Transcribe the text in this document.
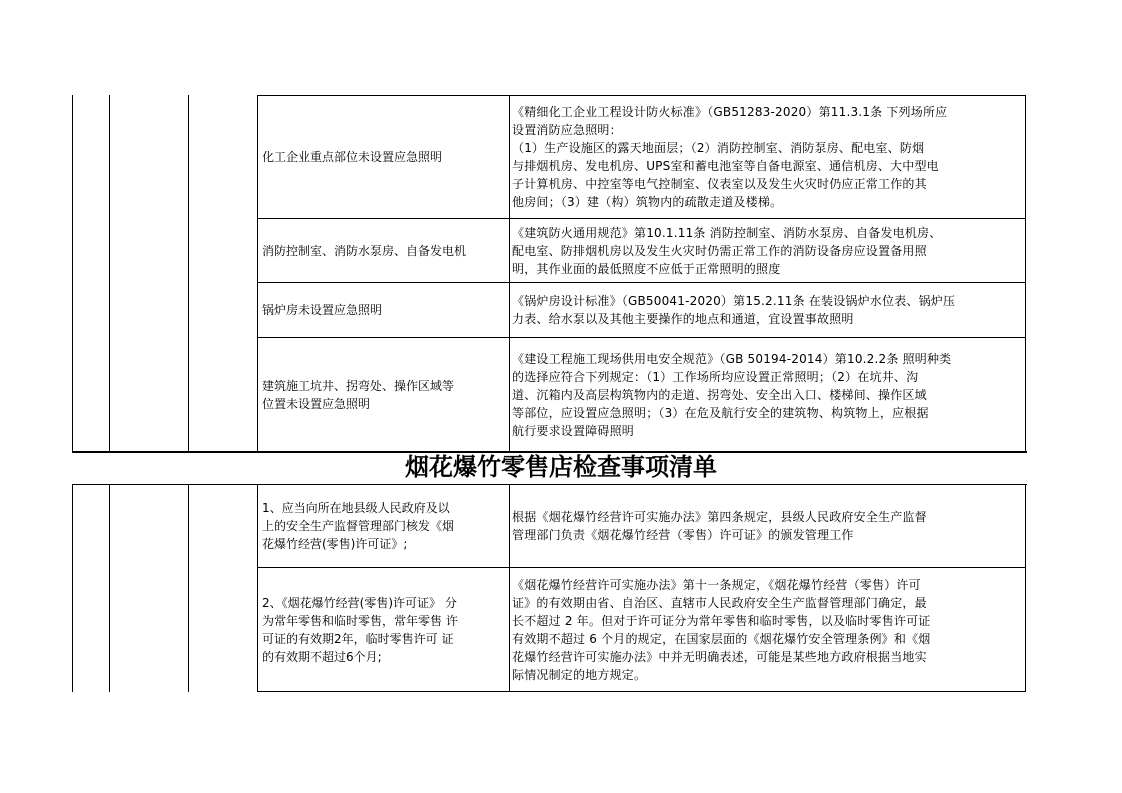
化工企业重点部位未设置应急照明
《精细化工企业工程设计防火标准》（GB51283-2020）第11.3.1条 下列场所应
设置消防应急照明：
（1）生产设施区的露天地面层；（2）消防控制室、消防泵房、配电室、防烟
与排烟机房、发电机房、UPS室和蓄电池室等自备电源室、通信机房、大中型电
子计算机房、中控室等电气控制室、仪表室以及发生火灾时仍应正常工作的其
他房间；（3）建（构）筑物内的疏散走道及楼梯。
消防控制室、消防水泵房、自备发电机
《建筑防火通用规范》第10.1.11条 消防控制室、消防水泵房、自备发电机房、
配电室、防排烟机房以及发生火灾时仍需正常工作的消防设备房应设置备用照
明，其作业面的最低照度不应低于正常照明的照度
锅炉房未设置应急照明
《锅炉房设计标准》（GB50041-2020）第15.2.11条 在装设锅炉水位表、锅炉压
力表、给水泵以及其他主要操作的地点和通道，宜设置事故照明
建筑施工坑井、拐弯处、操作区域等
位置未设置应急照明
《建设工程施工现场供用电安全规范》（GB 50194-2014）第10.2.2条 照明种类
的选择应符合下列规定：（1）工作场所均应设置正常照明；（2）在坑井、沟
道、沉箱内及高层构筑物内的走道、拐弯处、安全出入口、楼梯间、操作区域
等部位，应设置应急照明；（3）在危及航行安全的建筑物、构筑物上，应根据
航行要求设置障碍照明
烟花爆竹零售店检查事项清单
1、应当向所在地县级人民政府及以
上的安全生产监督管理部门核发《烟
花爆竹经营(零售)许可证》;
根据《烟花爆竹经营许可实施办法》第四条规定，县级人民政府安全生产监督
管理部门负责《烟花爆竹经营（零售）许可证》的颁发管理工作
2、《烟花爆竹经营(零售)许可证》 分
为常年零售和临时零售，常年零售 许
可证的有效期2年，临时零售许可 证
的有效期不超过6个月;
《烟花爆竹经营许可实施办法》第十一条规定，《烟花爆竹经营（零售）许可
证》的有效期由省、自治区、直辖市人民政府安全生产监督管理部门确定，最
长不超过 2 年。但对于许可证分为常年零售和临时零售，以及临时零售许可证
有效期不超过 6 个月的规定，在国家层面的《烟花爆竹安全管理条例》和《烟
花爆竹经营许可实施办法》中并无明确表述，可能是某些地方政府根据当地实
际情况制定的地方规定。
